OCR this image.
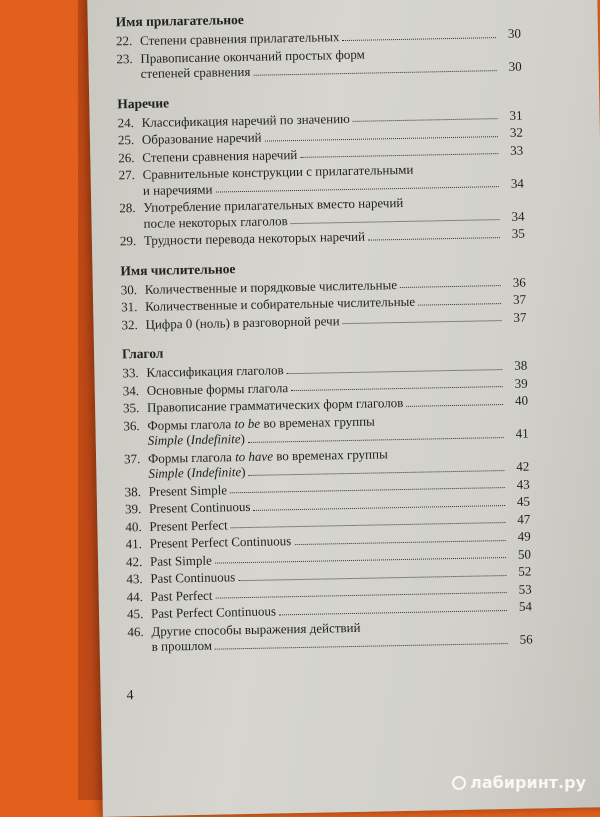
Имя прилагательное
22. Степени сравнения прилагательных	30
23. Правописание окончаний простых форм
степеней сравнения	30
Наречие
24. Классификация наречий по значению	31
25. Образование наречий	32
26. Степени сравнения наречий	33
27. Сравнительные конструкции с прилагательными
и наречиями	34
28. Употребление прилагательных вместо наречий
после некоторых глаголов	34
29. Трудности перевода некоторых наречий	35
Имя числительное
30. Количественные и порядковые числительные	36
31. Количественные и собирательные числительные	37
32. Цифра 0 (ноль) в разговорной речи	37
Глагол
33. Классификация глаголов	38
34. Основные формы глагола	39
35. Правописание грамматических форм глаголов	40
36. Формы глагола to be во временах группы
Simple (Indefinite)	41
37. Формы глагола to have во временах группы
Simple (Indefinite)	42
38. Present Simple	43
39. Present Continuous	45
40. Present Perfect	47
41. Present Perfect Continuous	49
42. Past Simple	50
43. Past Continuous	52
44. Past Perfect	53
45. Past Perfect Continuous	54
46. Другие способы выражения действий
в прошлом	56
4
лабиринт.ру
